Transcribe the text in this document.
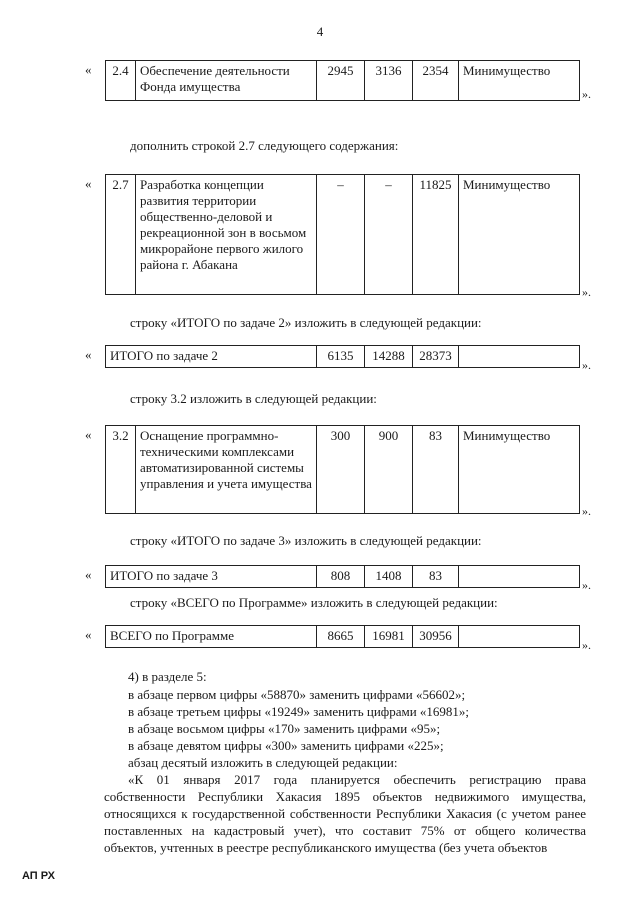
4
« 2.4	Обеспечение деятельности Фонда имущества	2945	3136	2354	Минимущество
».
дополнить строкой 2.7 следующего содержания:
« 2.7	Разработка концепции развития территории общественно-деловой и рекреационной зон в восьмом микрорайоне первого жилого района г. Абакана	–	–	11825	Минимущество
».
строку «ИТОГО по задаче 2» изложить в следующей редакции:
« ИТОГО по задаче 2	6135	14288	28373	
».
строку 3.2 изложить в следующей редакции:
« 3.2	Оснащение программно-техническими комплексами автоматизированной системы управления и учета имущества	300	900	83	Минимущество
».
строку «ИТОГО по задаче 3» изложить в следующей редакции:
« ИТОГО по задаче 3	808	1408	83	
».
строку «ВСЕГО по Программе» изложить в следующей редакции:
« ВСЕГО по Программе	8665	16981	30956	
».
4) в разделе 5:
в абзаце первом цифры «58870» заменить цифрами «56602»;
в абзаце третьем цифры «19249» заменить цифрами «16981»;
в абзаце восьмом цифры «170» заменить цифрами «95»;
в абзаце девятом цифры «300» заменить цифрами «225»;
абзац десятый изложить в следующей редакции:
«К 01 января 2017 года планируется обеспечить регистрацию права собственности Республики Хакасия 1895 объектов недвижимого имущества, относящихся к государственной собственности Республики Хакасия (с учетом ранее поставленных на кадастровый учет), что составит 75% от общего количества объектов, учтенных в реестре республиканского имущества (без учета объектов
АП РХ
